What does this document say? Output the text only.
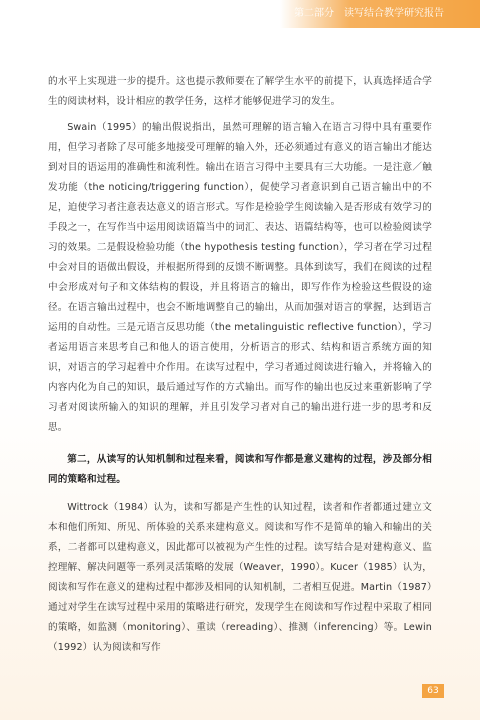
第二部分　读写结合教学研究报告

的水平上实现进一步的提升。这也提示教师要在了解学生水平的前提下，认真选择适合学生的阅读材料，设计相应的教学任务，这样才能够促进学习的发生。

Swain（1995）的输出假说指出，虽然可理解的语言输入在语言习得中具有重要作用，但学习者除了尽可能多地接受可理解的输入外，还必须通过有意义的语言输出才能达到对目的语运用的准确性和流利性。输出在语言习得中主要具有三大功能。一是注意／触发功能（the noticing/triggering function），促使学习者意识到自己语言输出中的不足，迫使学习者注意表达意义的语言形式。写作是检验学生阅读输入是否形成有效学习的手段之一，在写作当中运用阅读语篇当中的词汇、表达、语篇结构等，也可以检验阅读学习的效果。二是假设检验功能（the hypothesis testing function），学习者在学习过程中会对目的语做出假设，并根据所得到的反馈不断调整。具体到读写，我们在阅读的过程中会形成对句子和文体结构的假设，并且将语言的输出，即写作作为检验这些假设的途径。在语言输出过程中，也会不断地调整自己的输出，从而加强对语言的掌握，达到语言运用的自动性。三是元语言反思功能（the metalinguistic reflective function），学习者运用语言来思考自己和他人的语言使用，分析语言的形式、结构和语言系统方面的知识，对语言的学习起着中介作用。在读写过程中，学习者通过阅读进行输入，并将输入的内容内化为自己的知识，最后通过写作的方式输出。而写作的输出也反过来重新影响了学习者对阅读所输入的知识的理解，并且引发学习者对自己的输出进行进一步的思考和反思。

第二，从读写的认知机制和过程来看，阅读和写作都是意义建构的过程，涉及部分相同的策略和过程。

Wittrock（1984）认为，读和写都是产生性的认知过程，读者和作者都通过建立文本和他们所知、所见、所体验的关系来建构意义。阅读和写作不是简单的输入和输出的关系，二者都可以建构意义，因此都可以被视为产生性的过程。读写结合是对建构意义、监控理解、解决问题等一系列灵活策略的发展（Weaver，1990）。Kucer（1985）认为，阅读和写作在意义的建构过程中都涉及相同的认知机制，二者相互促进。Martin（1987）通过对学生在读写过程中采用的策略进行研究，发现学生在阅读和写作过程中采取了相同的策略，如监测（monitoring）、重读（rereading）、推测（inferencing）等。Lewin（1992）认为阅读和写作

63
